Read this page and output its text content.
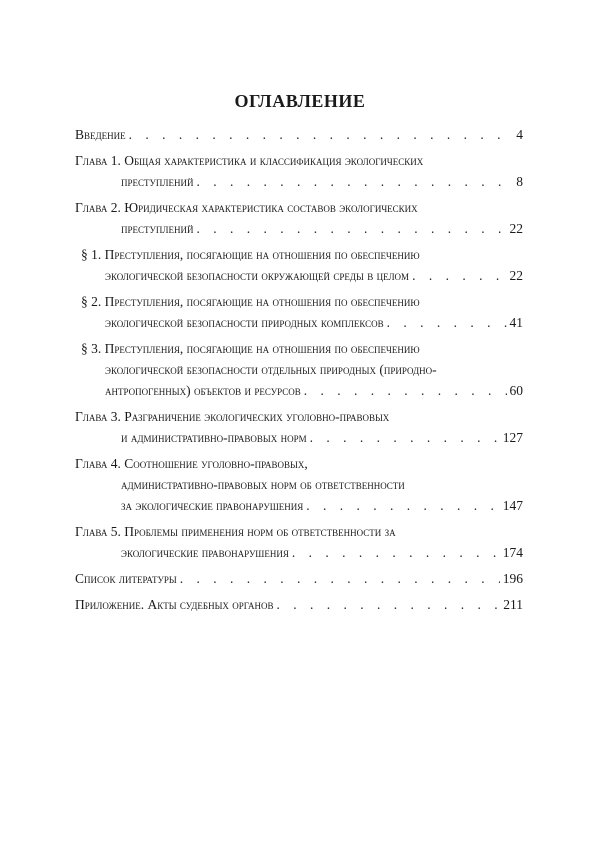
ОГЛАВЛЕНИЕ
Введение . . .	4
Глава 1. Общая характеристика и классификация экологических
преступлений . . .	8
Глава 2. Юридическая характеристика составов экологических
преступлений . . .	22
§ 1. Преступления, посягающие на отношения по обеспечению
экологической безопасности окружающей среды в целом . . .	22
§ 2. Преступления, посягающие на отношения по обеспечению
экологической безопасности природных комплексов . . .	41
§ 3. Преступления, посягающие на отношения по обеспечению
экологической безопасности отдельных природных (природно-
антропогенных) объектов и ресурсов . . .	60
Глава 3. Разграничение экологических уголовно-правовых
и административно-правовых норм . . .	127
Глава 4. Соотношение уголовно-правовых,
административно-правовых норм об ответственности
за экологические правонарушения . . .	147
Глава 5. Проблемы применения норм об ответственности за
экологические правонарушения . . .	174
Список литературы . . .	196
Приложение. Акты судебных органов . . .	211
